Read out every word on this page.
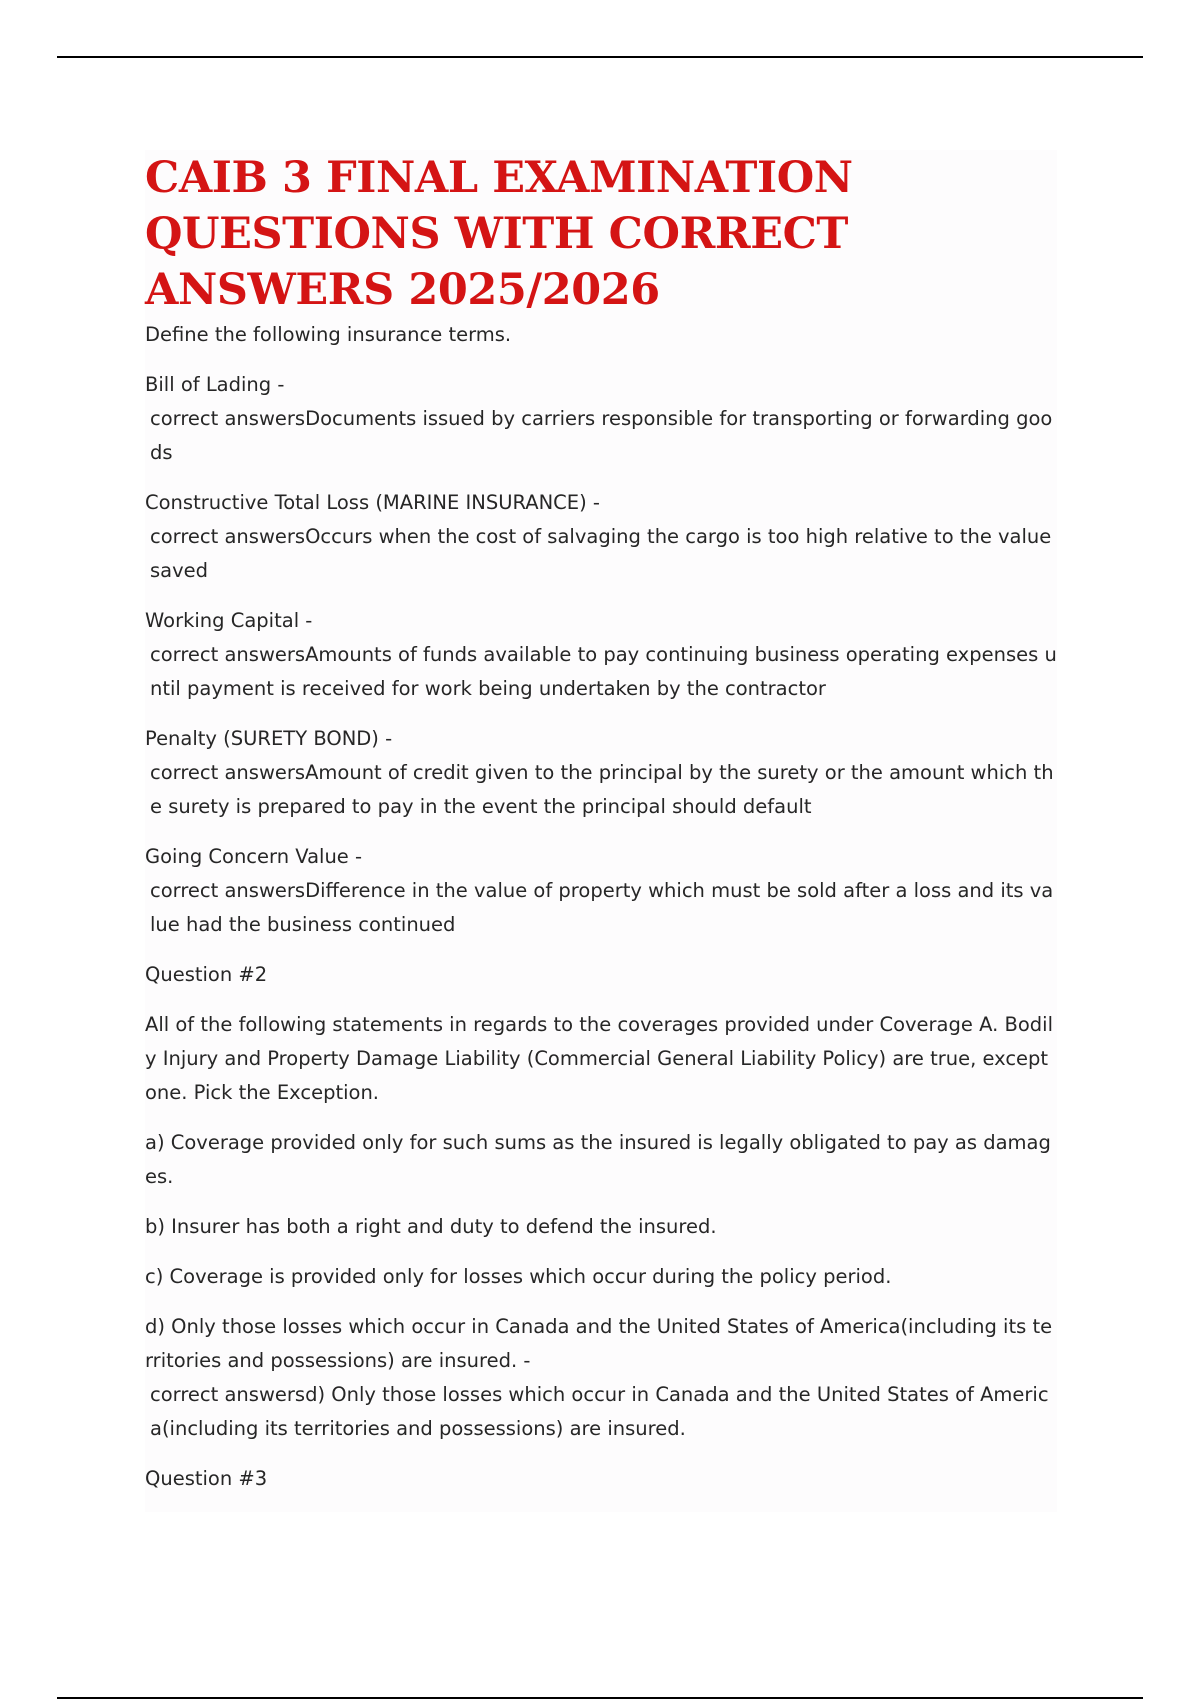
CAIB 3 FINAL EXAMINATION QUESTIONS WITH CORRECT ANSWERS 2025/2026

Define the following insurance terms.

Bill of Lading -
correct answersDocuments issued by carriers responsible for transporting or forwarding goods
Constructive Total Loss (MARINE INSURANCE) -
correct answersOccurs when the cost of salvaging the cargo is too high relative to the value saved
Working Capital -
correct answersAmounts of funds available to pay continuing business operating expenses until payment is received for work being undertaken by the contractor
Penalty (SURETY BOND) -
correct answersAmount of credit given to the principal by the surety or the amount which the surety is prepared to pay in the event the principal should default
Going Concern Value -
correct answersDifference in the value of property which must be sold after a loss and its value had the business continued

Question #2

All of the following statements in regards to the coverages provided under Coverage A. Bodily Injury and Property Damage Liability (Commercial General Liability Policy) are true, except one. Pick the Exception.

a) Coverage provided only for such sums as the insured is legally obligated to pay as damages.

b) Insurer has both a right and duty to defend the insured.

c) Coverage is provided only for losses which occur during the policy period.

d) Only those losses which occur in Canada and the United States of America(including its territories and possessions) are insured. -
correct answersd) Only those losses which occur in Canada and the United States of America(including its territories and possessions) are insured.

Question #3
